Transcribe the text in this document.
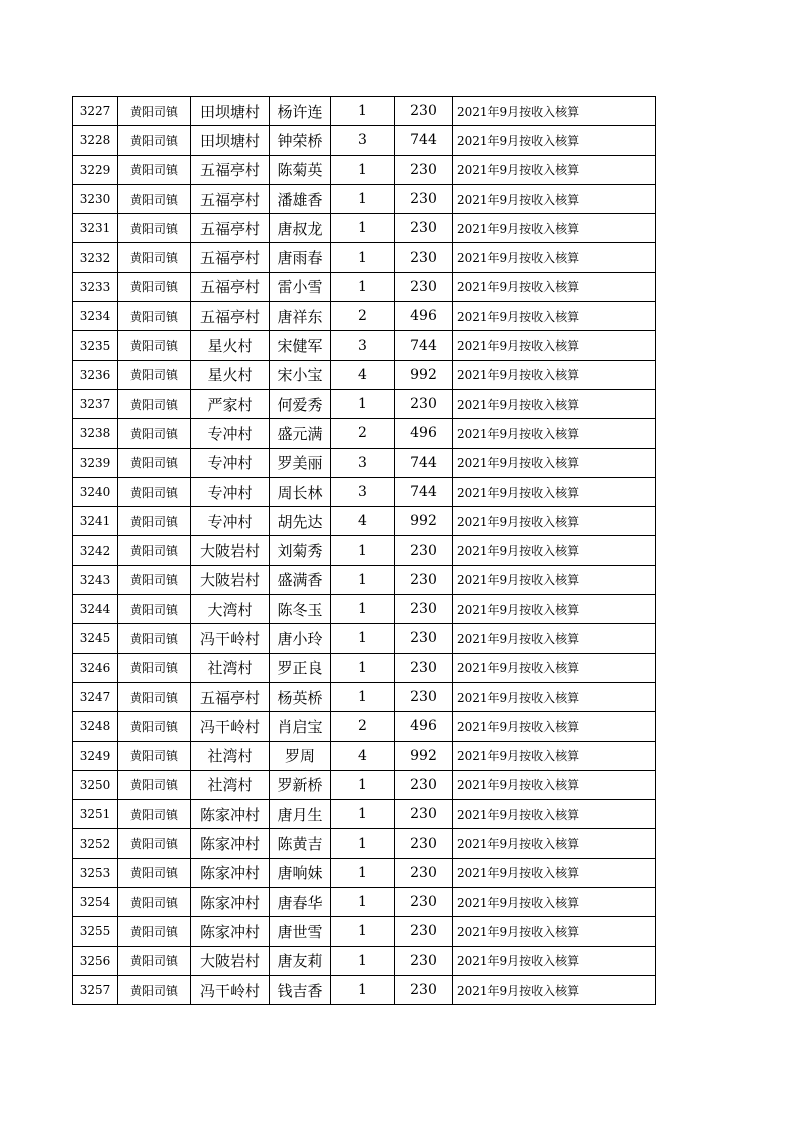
3227	黄阳司镇	田坝塘村	杨许连	1	230	2021年9月按收入核算
3228	黄阳司镇	田坝塘村	钟荣桥	3	744	2021年9月按收入核算
3229	黄阳司镇	五福亭村	陈菊英	1	230	2021年9月按收入核算
3230	黄阳司镇	五福亭村	潘雄香	1	230	2021年9月按收入核算
3231	黄阳司镇	五福亭村	唐叔龙	1	230	2021年9月按收入核算
3232	黄阳司镇	五福亭村	唐雨春	1	230	2021年9月按收入核算
3233	黄阳司镇	五福亭村	雷小雪	1	230	2021年9月按收入核算
3234	黄阳司镇	五福亭村	唐祥东	2	496	2021年9月按收入核算
3235	黄阳司镇	星火村	宋健军	3	744	2021年9月按收入核算
3236	黄阳司镇	星火村	宋小宝	4	992	2021年9月按收入核算
3237	黄阳司镇	严家村	何爱秀	1	230	2021年9月按收入核算
3238	黄阳司镇	专冲村	盛元满	2	496	2021年9月按收入核算
3239	黄阳司镇	专冲村	罗美丽	3	744	2021年9月按收入核算
3240	黄阳司镇	专冲村	周长林	3	744	2021年9月按收入核算
3241	黄阳司镇	专冲村	胡先达	4	992	2021年9月按收入核算
3242	黄阳司镇	大陂岩村	刘菊秀	1	230	2021年9月按收入核算
3243	黄阳司镇	大陂岩村	盛满香	1	230	2021年9月按收入核算
3244	黄阳司镇	大湾村	陈冬玉	1	230	2021年9月按收入核算
3245	黄阳司镇	冯干岭村	唐小玲	1	230	2021年9月按收入核算
3246	黄阳司镇	社湾村	罗正良	1	230	2021年9月按收入核算
3247	黄阳司镇	五福亭村	杨英桥	1	230	2021年9月按收入核算
3248	黄阳司镇	冯干岭村	肖启宝	2	496	2021年9月按收入核算
3249	黄阳司镇	社湾村	罗周	4	992	2021年9月按收入核算
3250	黄阳司镇	社湾村	罗新桥	1	230	2021年9月按收入核算
3251	黄阳司镇	陈家冲村	唐月生	1	230	2021年9月按收入核算
3252	黄阳司镇	陈家冲村	陈黄吉	1	230	2021年9月按收入核算
3253	黄阳司镇	陈家冲村	唐响妹	1	230	2021年9月按收入核算
3254	黄阳司镇	陈家冲村	唐春华	1	230	2021年9月按收入核算
3255	黄阳司镇	陈家冲村	唐世雪	1	230	2021年9月按收入核算
3256	黄阳司镇	大陂岩村	唐友莉	1	230	2021年9月按收入核算
3257	黄阳司镇	冯干岭村	钱吉香	1	230	2021年9月按收入核算
